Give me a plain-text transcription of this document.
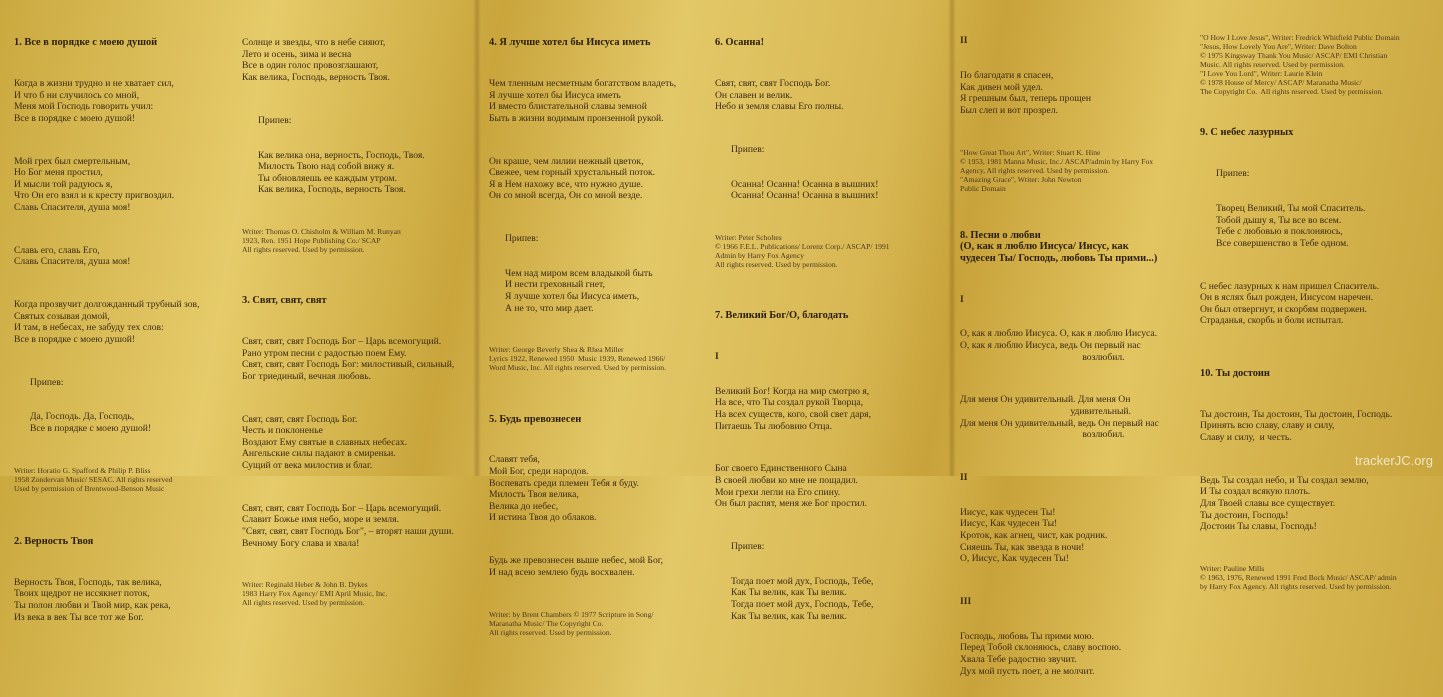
1. Все в порядке с моею душой

Когда в жизни трудно и не хватает сил,
И что б ни случилось со мной,
Меня мой Господь говорить учил:
Все в порядке с моею душой!

Мой грех был смертельным,
Но Бог меня простил,
И мысли той радуюсь я,
Что Он его взял и к кресту пригвоздил.
Славь Спасителя, душа моя!

Славь его, славь Его,
Славь Спасителя, душа моя!

Когда прозвучит долгожданный трубный зов,
Святых созывая домой,
И там, в небесах, не забуду тех слов:
Все в порядке с моею душой!

Припев:

Да, Господь. Да, Господь,
Все в порядке с моею душой!

Writer: Horatio G. Spafford & Philip P. Bliss
1958 Zondervan Music/ SESAC. All rights reserved
Used by permission of Brentwood-Benson Music

2. Верность Твоя

Верность Твоя, Господь, так велика,
Твоих щедрот не иссякнет поток,
Ты полон любви и Твой мир, как река,
Из века в век Ты все тот же Бог.

Солнце и звезды, что в небе сияют,
Лето и осень, зима и весна
Все в один голос провозглашают,
Как велика, Господь, верность Твоя.

Припев:

Как велика она, верность, Господь, Твоя.
Милость Твою над собой вижу я.
Ты обновляешь ее каждым утром.
Как велика, Господь, верность Твоя.

Writer: Thomas O. Chisholm & William M. Runyan
1923, Ren. 1951 Hope Publishing Co./ SCAP
All rights reserved. Used by permission.

3. Свят, свят, свят

Свят, свят, свят Господь Бог – Царь всемогущий.
Рано утром песни с радостью поем Ему.
Свят, свят, свят Господь Бог: милостивый, сильный,
Бог триединый, вечная любовь.

Свят, свят, свят Господь Бог.
Честь и поклоненье
Воздают Ему святые в славных небесах.
Ангельские силы падают в смиреньи.
Сущий от века милостив и благ.

Свят, свят, свят Господь Бог – Царь всемогущий.
Славит Божье имя небо, море и земля.
"Свят, свят, свят Господь Бог", – вторят наши души.
Вечному Богу слава и хвала!

Writer: Reginald Heber & John B. Dykes
1983 Harry Fox Agency/ EMI April Music, Inc.
All rights reserved. Used by permission.

4. Я лучше хотел бы Иисуса иметь

Чем тленным несметным богатством владеть,
Я лучше хотел бы Иисуса иметь
И вместо блистательной славы земной
Быть в жизни водимым пронзенной рукой.

Он краше, чем лилии нежный цветок,
Свежее, чем горный хрустальный поток.
Я в Нем нахожу все, что нужно душе.
Он со мной всегда, Он со мной везде.

Припев:

Чем над миром всем владыкой быть
И нести греховный гнет,
Я лучше хотел бы Иисуса иметь,
А не то, что мир дает.

Writer: George Beverly Shea & Rhea Miller
Lyrics 1922, Renewed 1950  Music 1939, Renewed 1966/
Word Music, Inc. All rights reserved. Used by permission.

5. Будь превознесен

Славят тебя,
Мой Бог, среди народов.
Воспевать среди племен Тебя я буду.
Милость Твоя велика,
Велика до небес,
И истина Твоя до облаков.

Будь же превознесен выше небес, мой Бог,
И над всею землею будь восхвален.

Writer: by Brent Chambers © 1977 Scripture in Song/
Maranatha Music/ The Copyright Co.
All rights reserved. Used by permission.

6. Осанна!

Свят, свят, свят Господь Бог.
Он славен и велик.
Небо и земля славы Его полны.

Припев:

Осанна! Осанна! Осанна в вышних!
Осанна! Осанна! Осанна в вышних!

Writer: Peter Scholtes
© 1966 F.E.L. Publications/ Lorenz Corp./ ASCAP/ 1991
Admin by Harry Fox Agency
All rights reserved. Used by permission.

7. Великий Бог/О, благодать

I

Великий Бог! Когда на мир смотрю я,
На все, что Ты создал рукой Творца,
На всех существ, кого, свой свет даря,
Питаешь Ты любовию Отца.

Бог своего Единственного Сына
В своей любви ко мне не пощадил.
Мои грехи легли на Его спину.
Он был распят, меня же Бог простил.

Припев:

Тогда поет мой дух, Господь, Тебе,
Как Ты велик, как Ты велик.
Тогда поет мой дух, Господь, Тебе,
Как Ты велик, как Ты велик.

II

По благодати я спасен,
Как дивен мой удел.
Я грешным был, теперь прощен
Был слеп и вот прозрел.

"How Great Thou Art", Writer: Stuart K. Hine
© 1953, 1981 Manna Music, Inc./ ASCAP/admin by Harry Fox
Agency, All rights reserved. Used by permission.
"Amazing Grace", Writer: John Newton
Public Domain

8. Песни о любви
(О, как я люблю Иисуса/ Иисус, как
чудесен Ты/ Господь, любовь Ты прими...)

I

О, как я люблю Иисуса. О, как я люблю Иисуса.
О, как я люблю Иисуса, ведь Он первый нас
возлюбил.

Для меня Он удивительный. Для меня Он
удивительный.
Для меня Он удивительный, ведь Он первый нас
возлюбил.

II

Иисус, как чудесен Ты!
Иисус, Как чудесен Ты!
Кроток, как агнец, чист, как родник.
Сияешь Ты, как звезда в ночи!
О, Иисус, Как чудесен Ты!

III

Господь, любовь Ты прими мою.
Перед Тобой склоняюсь, славу воспою.
Хвала Тебе радостно звучит.
Дух мой пусть поет, а не молчит.

"O How I Love Jesus", Writer: Fredrick Whitfield Public Domain
"Jesus, How Lovely You Are", Writer: Dave Bolton
© 1975 Kingsway Thank You Music/ ASCAP/ EMI Christian
Music. All rights reserved. Used by permission.
"I Love You Lord", Writer: Laurie Klein
© 1978 House of Mercy/ ASCAP/ Maranatha Music/
The Copyright Co.  All rights reserved. Used by permission.

9. С небес лазурных

Припев:

Творец Великий, Ты мой Спаситель.
Тобой дышу я, Ты все во всем.
Тебе с любовью я поклоняюсь,
Все совершенство в Тебе одном.

С небес лазурных к нам пришел Спаситель.
Он в яслях был рожден, Иисусом наречен.
Он был отвергнут, и скорбям подвержен.
Страданья, скорбь и боли испытал.

10. Ты достоин

Ты достоин, Ты достоин, Ты достоин, Господь.
Принять всю славу, славу и силу,
Славу и силу,  и честь.

Ведь Ты создал небо, и Ты создал землю,
И Ты создал всякую плоть.
Для Твоей славы все существует.
Ты достоин, Господь!
Достоин Ты славы, Господь!

Writer: Pauline Mills
© 1963, 1976, Renewed 1991 Fred Bock Music/ ASCAP/ admin
by Harry Fox Agency. All rights reserved. Used by permission.

trackerJC.org
